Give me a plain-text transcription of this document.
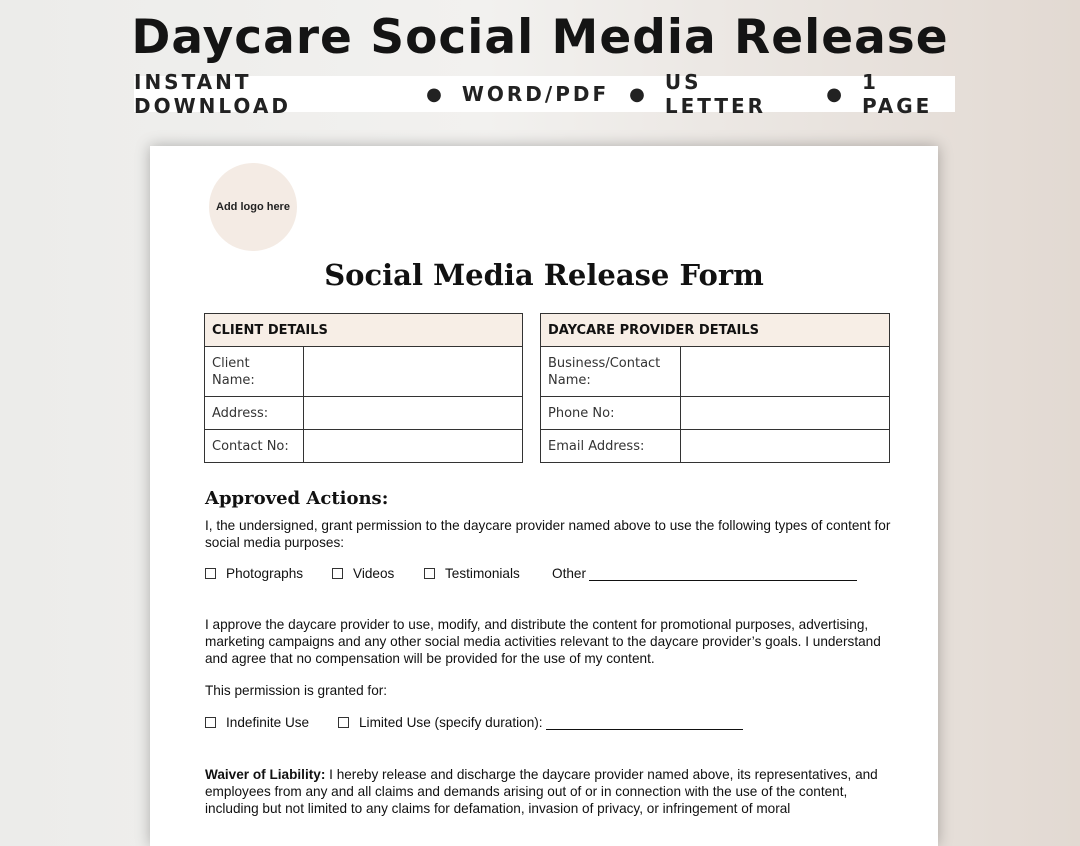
Daycare Social Media Release
INSTANT DOWNLOAD	● WORD/PDF ● US LETTER	● 1 PAGE
Add logo here
Social Media Release Form
CLIENT DETAILS	
Client Name:	
Address:	
Contact No:	
DAYCARE PROVIDER DETAILS	
Business/Contact Name:	
Phone No:	
Email Address:	
Approved Actions:
I, the undersigned, grant permission to the daycare provider named above to use the following types of content for social media purposes:
Photographs	Videos	Testimonials Other
I approve the daycare provider to use, modify, and distribute the content for promotional purposes, advertising, marketing campaigns and any other social media activities relevant to the daycare provider’s goals. I understand and agree that no compensation will be provided for the use of my content.
This permission is granted for:
Indefinite Use	Limited Use (specify duration):
Waiver of Liability: I hereby release and discharge the daycare provider named above, its representatives, and employees from any and all claims and demands arising out of or in connection with the use of the content, including but not limited to any claims for defamation, invasion of privacy, or infringement of moral
